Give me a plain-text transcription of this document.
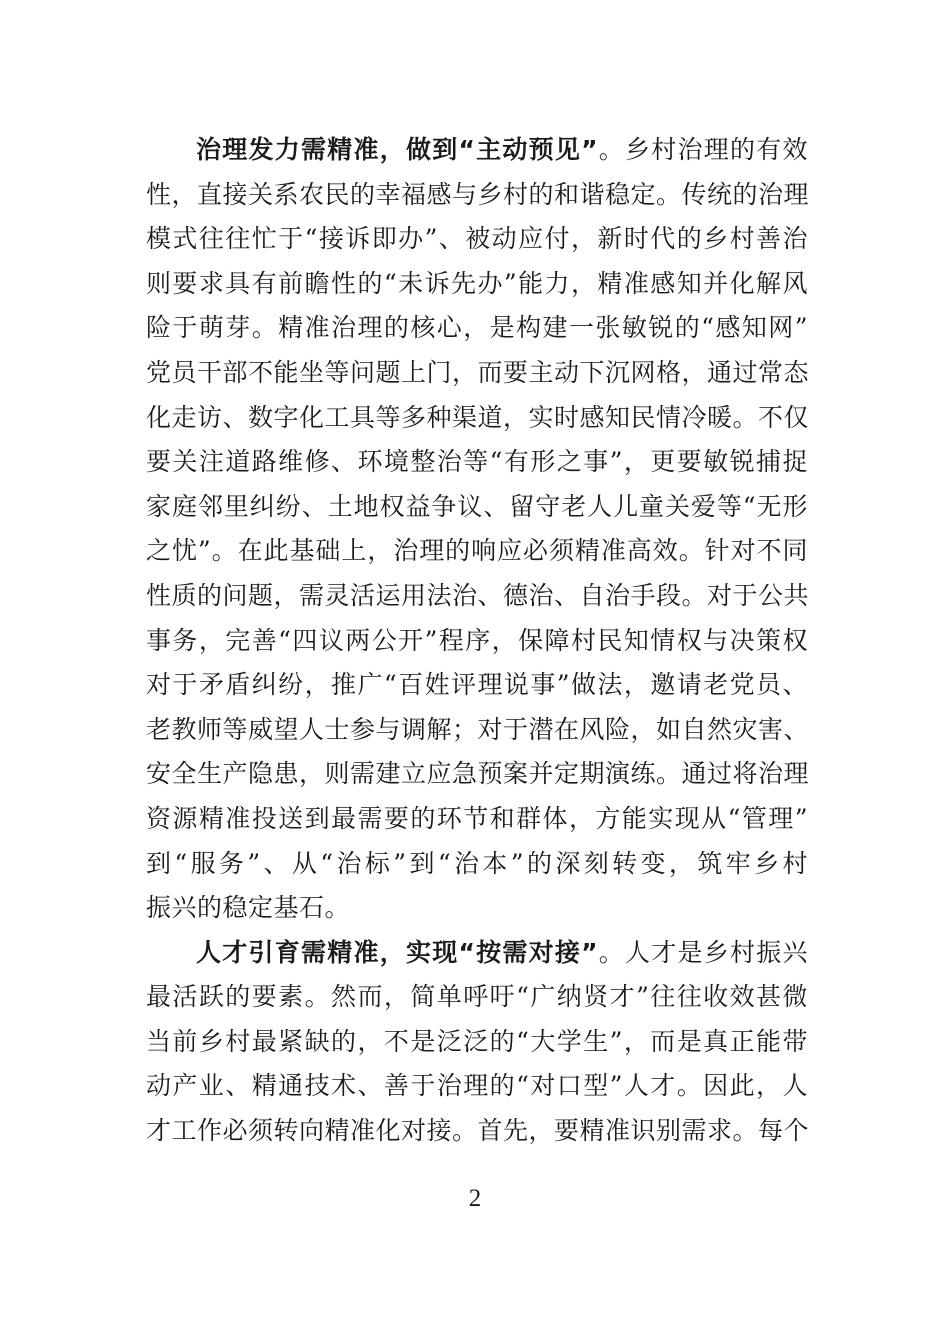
治理发力需精准，做到“主动预见”。乡村治理的有效
性，直接关系农民的幸福感与乡村的和谐稳定。传统的治理
模式往往忙于“接诉即办”、被动应付，新时代的乡村善治
则要求具有前瞻性的“未诉先办”能力，精准感知并化解风
险于萌芽。精准治理的核心，是构建一张敏锐的“感知网”
党员干部不能坐等问题上门，而要主动下沉网格，通过常态
化走访、数字化工具等多种渠道，实时感知民情冷暖。不仅
要关注道路维修、环境整治等“有形之事”，更要敏锐捕捉
家庭邻里纠纷、土地权益争议、留守老人儿童关爱等“无形
之忧”。在此基础上，治理的响应必须精准高效。针对不同
性质的问题，需灵活运用法治、德治、自治手段。对于公共
事务，完善“四议两公开”程序，保障村民知情权与决策权
对于矛盾纠纷，推广“百姓评理说事”做法，邀请老党员、
老教师等威望人士参与调解；对于潜在风险，如自然灾害、
安全生产隐患，则需建立应急预案并定期演练。通过将治理
资源精准投送到最需要的环节和群体，方能实现从“管理”
到“服务”、从“治标”到“治本”的深刻转变，筑牢乡村
振兴的稳定基石。
人才引育需精准，实现“按需对接”。人才是乡村振兴
最活跃的要素。然而，简单呼吁“广纳贤才”往往收效甚微
当前乡村最紧缺的，不是泛泛的“大学生”，而是真正能带
动产业、精通技术、善于治理的“对口型”人才。因此，人
才工作必须转向精准化对接。首先，要精准识别需求。每个
2
